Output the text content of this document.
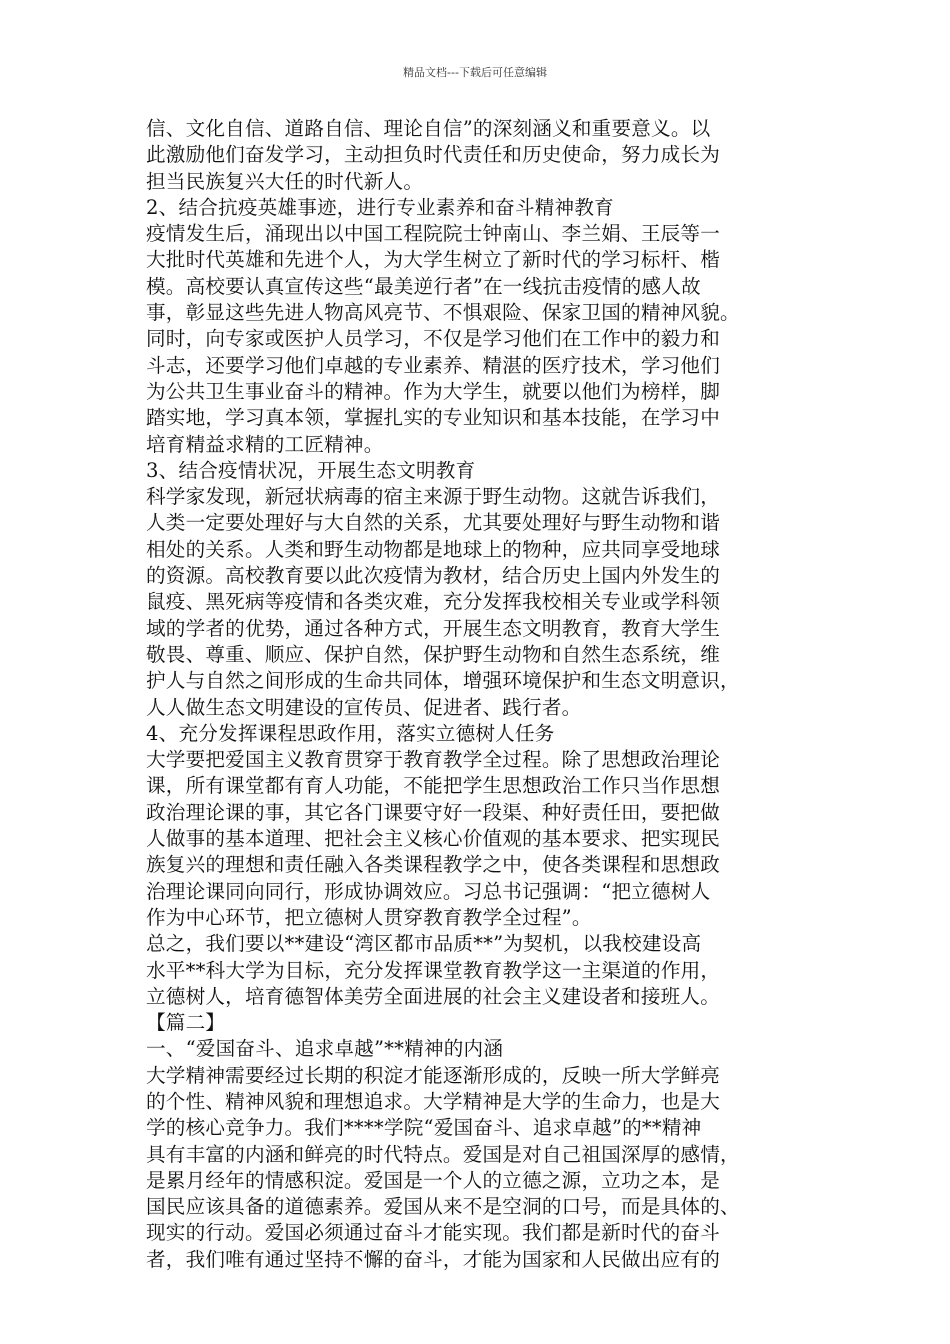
精品文档---下载后可任意编辑
信、文化自信、道路自信、理论自信”的深刻涵义和重要意义。以
此激励他们奋发学习，主动担负时代责任和历史使命，努力成长为
担当民族复兴大任的时代新人。
2、结合抗疫英雄事迹，进行专业素养和奋斗精神教育
疫情发生后，涌现出以中国工程院院士钟南山、李兰娟、王辰等一
大批时代英雄和先进个人，为大学生树立了新时代的学习标杆、楷
模。高校要认真宣传这些“最美逆行者”在一线抗击疫情的感人故
事，彰显这些先进人物高风亮节、不惧艰险、保家卫国的精神风貌。
同时，向专家或医护人员学习，不仅是学习他们在工作中的毅力和
斗志，还要学习他们卓越的专业素养、精湛的医疗技术，学习他们
为公共卫生事业奋斗的精神。作为大学生，就要以他们为榜样，脚
踏实地，学习真本领，掌握扎实的专业知识和基本技能，在学习中
培育精益求精的工匠精神。
3、结合疫情状况，开展生态文明教育
科学家发现，新冠状病毒的宿主来源于野生动物。这就告诉我们，
人类一定要处理好与大自然的关系，尤其要处理好与野生动物和谐
相处的关系。人类和野生动物都是地球上的物种，应共同享受地球
的资源。高校教育要以此次疫情为教材，结合历史上国内外发生的
鼠疫、黑死病等疫情和各类灾难，充分发挥我校相关专业或学科领
域的学者的优势，通过各种方式，开展生态文明教育，教育大学生
敬畏、尊重、顺应、保护自然，保护野生动物和自然生态系统，维
护人与自然之间形成的生命共同体，增强环境保护和生态文明意识，
人人做生态文明建设的宣传员、促进者、践行者。
4、充分发挥课程思政作用，落实立德树人任务
大学要把爱国主义教育贯穿于教育教学全过程。除了思想政治理论
课，所有课堂都有育人功能，不能把学生思想政治工作只当作思想
政治理论课的事，其它各门课要守好一段渠、种好责任田，要把做
人做事的基本道理、把社会主义核心价值观的基本要求、把实现民
族复兴的理想和责任融入各类课程教学之中，使各类课程和思想政
治理论课同向同行，形成协调效应。习总书记强调：“把立德树人
作为中心环节，把立德树人贯穿教育教学全过程”。
总之，我们要以**建设“湾区都市品质**”为契机，以我校建设高
水平**科大学为目标，充分发挥课堂教育教学这一主渠道的作用，
立德树人，培育德智体美劳全面进展的社会主义建设者和接班人。
【篇二】
一、“爱国奋斗、追求卓越”**精神的内涵
大学精神需要经过长期的积淀才能逐渐形成的，反映一所大学鲜亮
的个性、精神风貌和理想追求。大学精神是大学的生命力，也是大
学的核心竞争力。我们****学院“爱国奋斗、追求卓越”的**精神
具有丰富的内涵和鲜亮的时代特点。爱国是对自己祖国深厚的感情，
是累月经年的情感积淀。爱国是一个人的立德之源，立功之本，是
国民应该具备的道德素养。爱国从来不是空洞的口号，而是具体的、
现实的行动。爱国必须通过奋斗才能实现。我们都是新时代的奋斗
者，我们唯有通过坚持不懈的奋斗，才能为国家和人民做出应有的
